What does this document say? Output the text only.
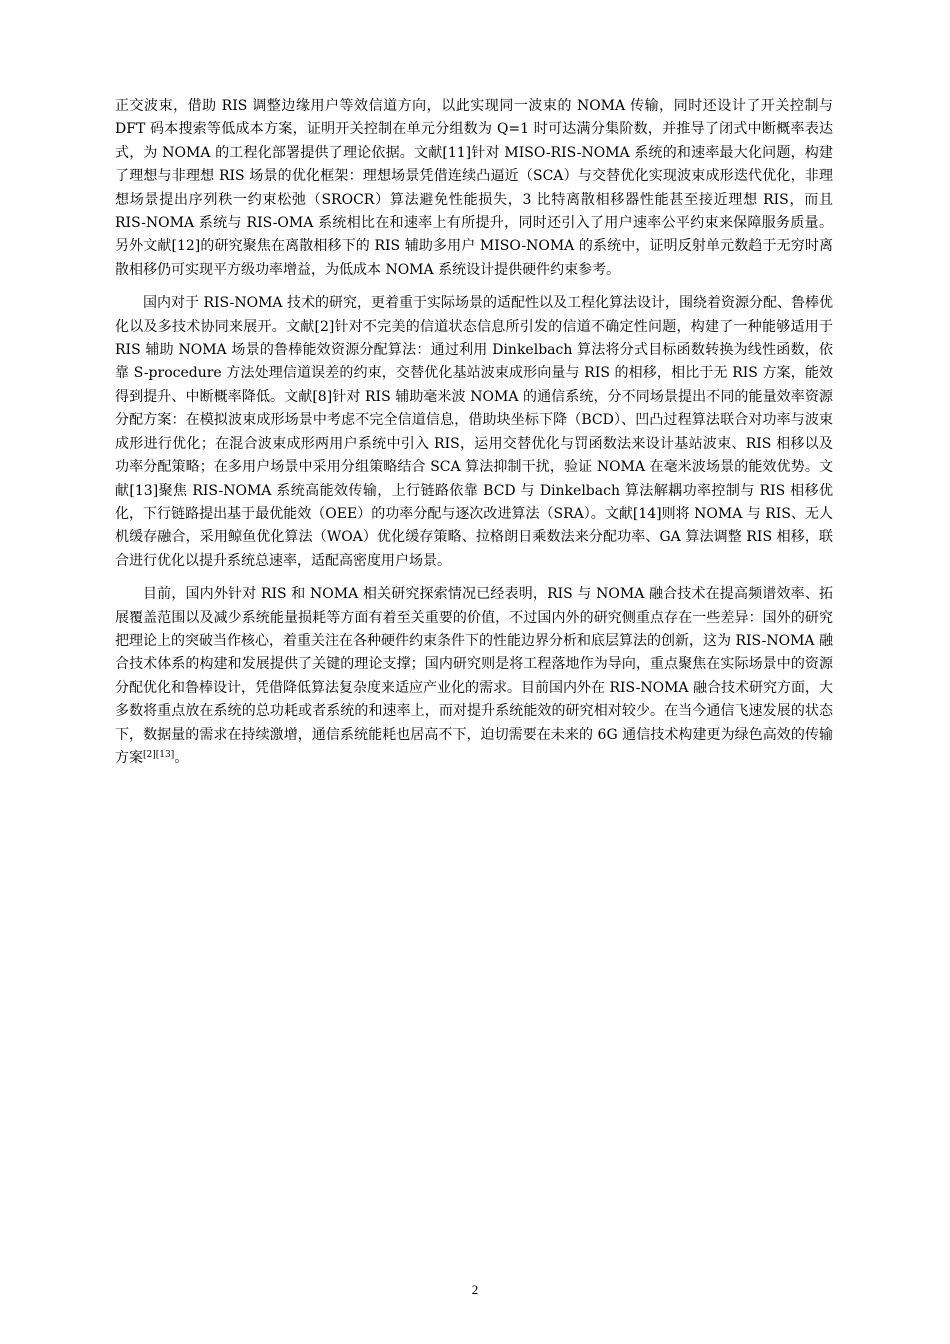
正交波束，借助 RIS 调整边缘用户等效信道方向，以此实现同一波束的 NOMA 传输，同时还设计了开关控制与 DFT 码本搜索等低成本方案，证明开关控制在单元分组数为 Q=1 时可达满分集阶数，并推导了闭式中断概率表达式，为 NOMA 的工程化部署提供了理论依据。文献[11]针对 MISO-RIS-NOMA 系统的和速率最大化问题，构建了理想与非理想 RIS 场景的优化框架：理想场景凭借连续凸逼近（SCA）与交替优化实现波束成形迭代优化，非理想场景提出序列秩一约束松弛（SROCR）算法避免性能损失，3 比特离散相移器性能甚至接近理想 RIS，而且 RIS-NOMA 系统与 RIS-OMA 系统相比在和速率上有所提升，同时还引入了用户速率公平约束来保障服务质量。另外文献[12]的研究聚焦在离散相移下的 RIS 辅助多用户 MISO-NOMA 的系统中，证明反射单元数趋于无穷时离散相移仍可实现平方级功率增益，为低成本 NOMA 系统设计提供硬件约束参考。

国内对于 RIS-NOMA 技术的研究，更着重于实际场景的适配性以及工程化算法设计，围绕着资源分配、鲁棒优化以及多技术协同来展开。文献[2]针对不完美的信道状态信息所引发的信道不确定性问题，构建了一种能够适用于 RIS 辅助 NOMA 场景的鲁棒能效资源分配算法：通过利用 Dinkelbach 算法将分式目标函数转换为线性函数，依靠 S-procedure 方法处理信道误差的约束，交替优化基站波束成形向量与 RIS 的相移，相比于无 RIS 方案，能效得到提升、中断概率降低。文献[8]针对 RIS 辅助毫米波 NOMA 的通信系统，分不同场景提出不同的能量效率资源分配方案：在模拟波束成形场景中考虑不完全信道信息，借助块坐标下降（BCD）、凹凸过程算法联合对功率与波束成形进行优化；在混合波束成形两用户系统中引入 RIS，运用交替优化与罚函数法来设计基站波束、RIS 相移以及功率分配策略；在多用户场景中采用分组策略结合 SCA 算法抑制干扰，验证 NOMA 在毫米波场景的能效优势。文献[13]聚焦 RIS-NOMA 系统高能效传输，上行链路依靠 BCD 与 Dinkelbach 算法解耦功率控制与 RIS 相移优化，下行链路提出基于最优能效（OEE）的功率分配与逐次改进算法（SRA）。文献[14]则将 NOMA 与 RIS、无人机缓存融合，采用鲸鱼优化算法（WOA）优化缓存策略、拉格朗日乘数法来分配功率、GA 算法调整 RIS 相移，联合进行优化以提升系统总速率，适配高密度用户场景。

目前，国内外针对 RIS 和 NOMA 相关研究探索情况已经表明，RIS 与 NOMA 融合技术在提高频谱效率、拓展覆盖范围以及减少系统能量损耗等方面有着至关重要的价值，不过国内外的研究侧重点存在一些差异：国外的研究把理论上的突破当作核心，着重关注在各种硬件约束条件下的性能边界分析和底层算法的创新，这为 RIS-NOMA 融合技术体系的构建和发展提供了关键的理论支撑；国内研究则是将工程落地作为导向，重点聚焦在实际场景中的资源分配优化和鲁棒设计，凭借降低算法复杂度来适应产业化的需求。目前国内外在 RIS-NOMA 融合技术研究方面，大多数将重点放在系统的总功耗或者系统的和速率上，而对提升系统能效的研究相对较少。在当今通信飞速发展的状态下，数据量的需求在持续激增，通信系统能耗也居高不下，迫切需要在未来的 6G 通信技术构建更为绿色高效的传输方案[2][13]。

2
